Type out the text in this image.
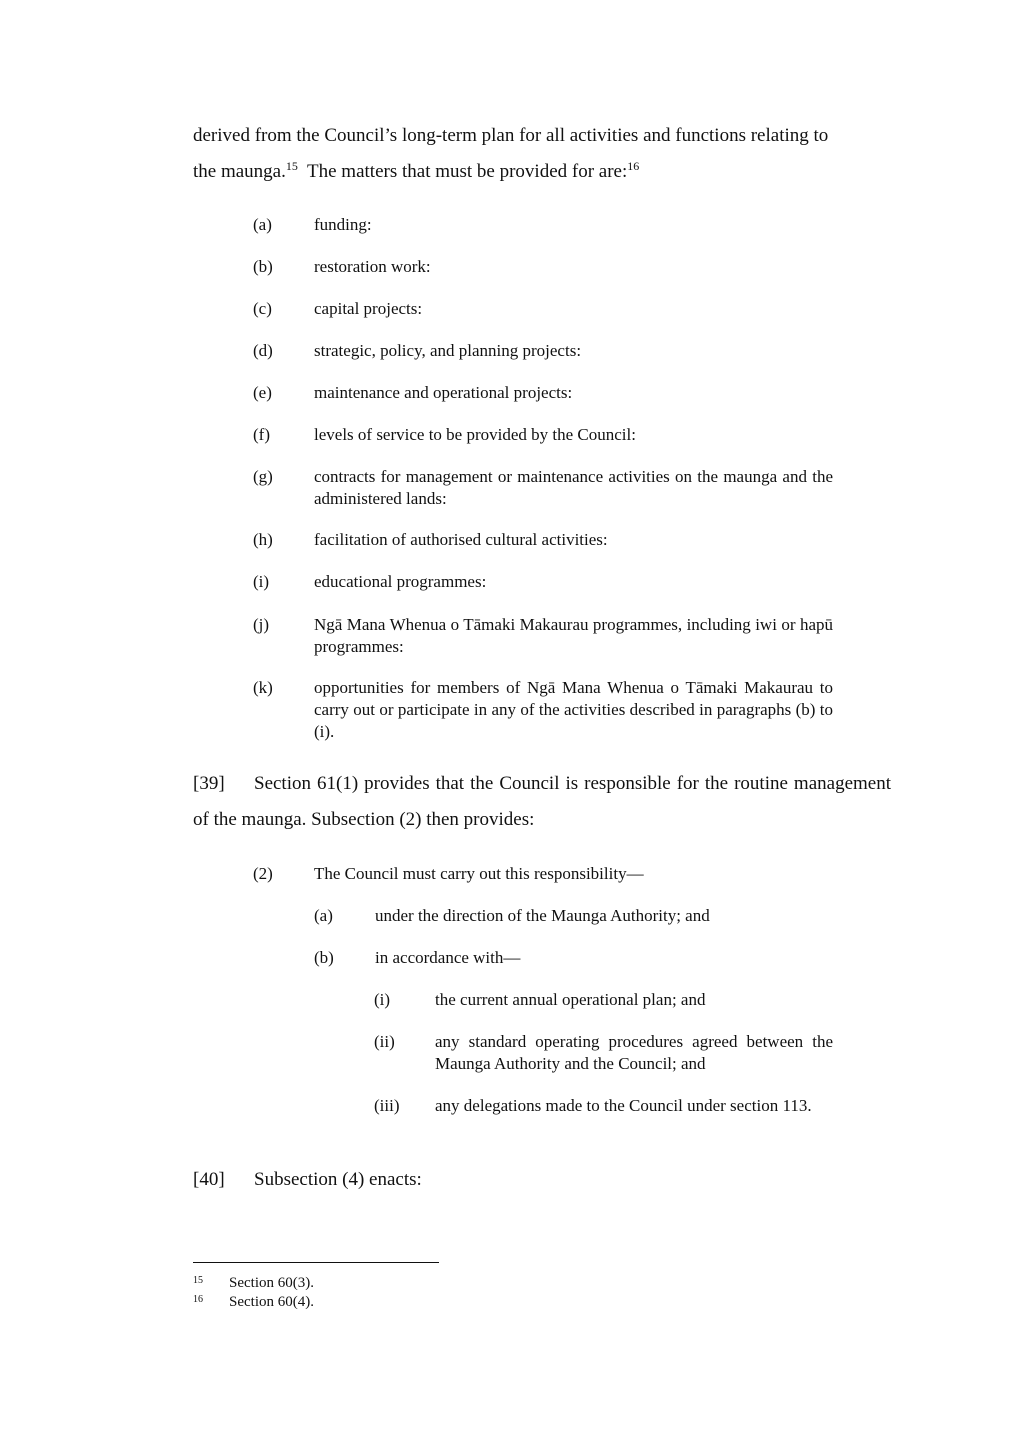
derived from the Council’s long-term plan for all activities and functions relating to
the maunga.$^{15}$  The matters that must be provided for are:$^{16}$

(a) funding:
(b) restoration work:
(c) capital projects:
(d) strategic, policy, and planning projects:
(e) maintenance and operational projects:
(f)	levels of service to be provided by the Council:
(g) contracts for management or maintenance activities on the maunga and the administered lands:
(h) facilitation of authorised cultural activities:
(i)	educational programmes:
(j)	Ngā Mana Whenua o Tāmaki Makaurau programmes, including iwi or hapū programmes:
(k) opportunities for members of Ngā Mana Whenua o Tāmaki Makaurau to carry out or participate in any of the activities described in paragraphs (b) to (i).

[39] Section 61(1) provides that the Council is responsible for the routine management of the maunga. Subsection (2) then provides:

(2) The Council must carry out this responsibility—
(a) under the direction of the Maunga Authority; and
(b) in accordance with—
(i)	the current annual operational plan; and
(ii) any standard operating procedures agreed between the Maunga Authority and the Council; and
(iii) any delegations made to the Council under section 113.

[40] Subsection (4) enacts:

15 Section 60(3).
16 Section 60(4).
